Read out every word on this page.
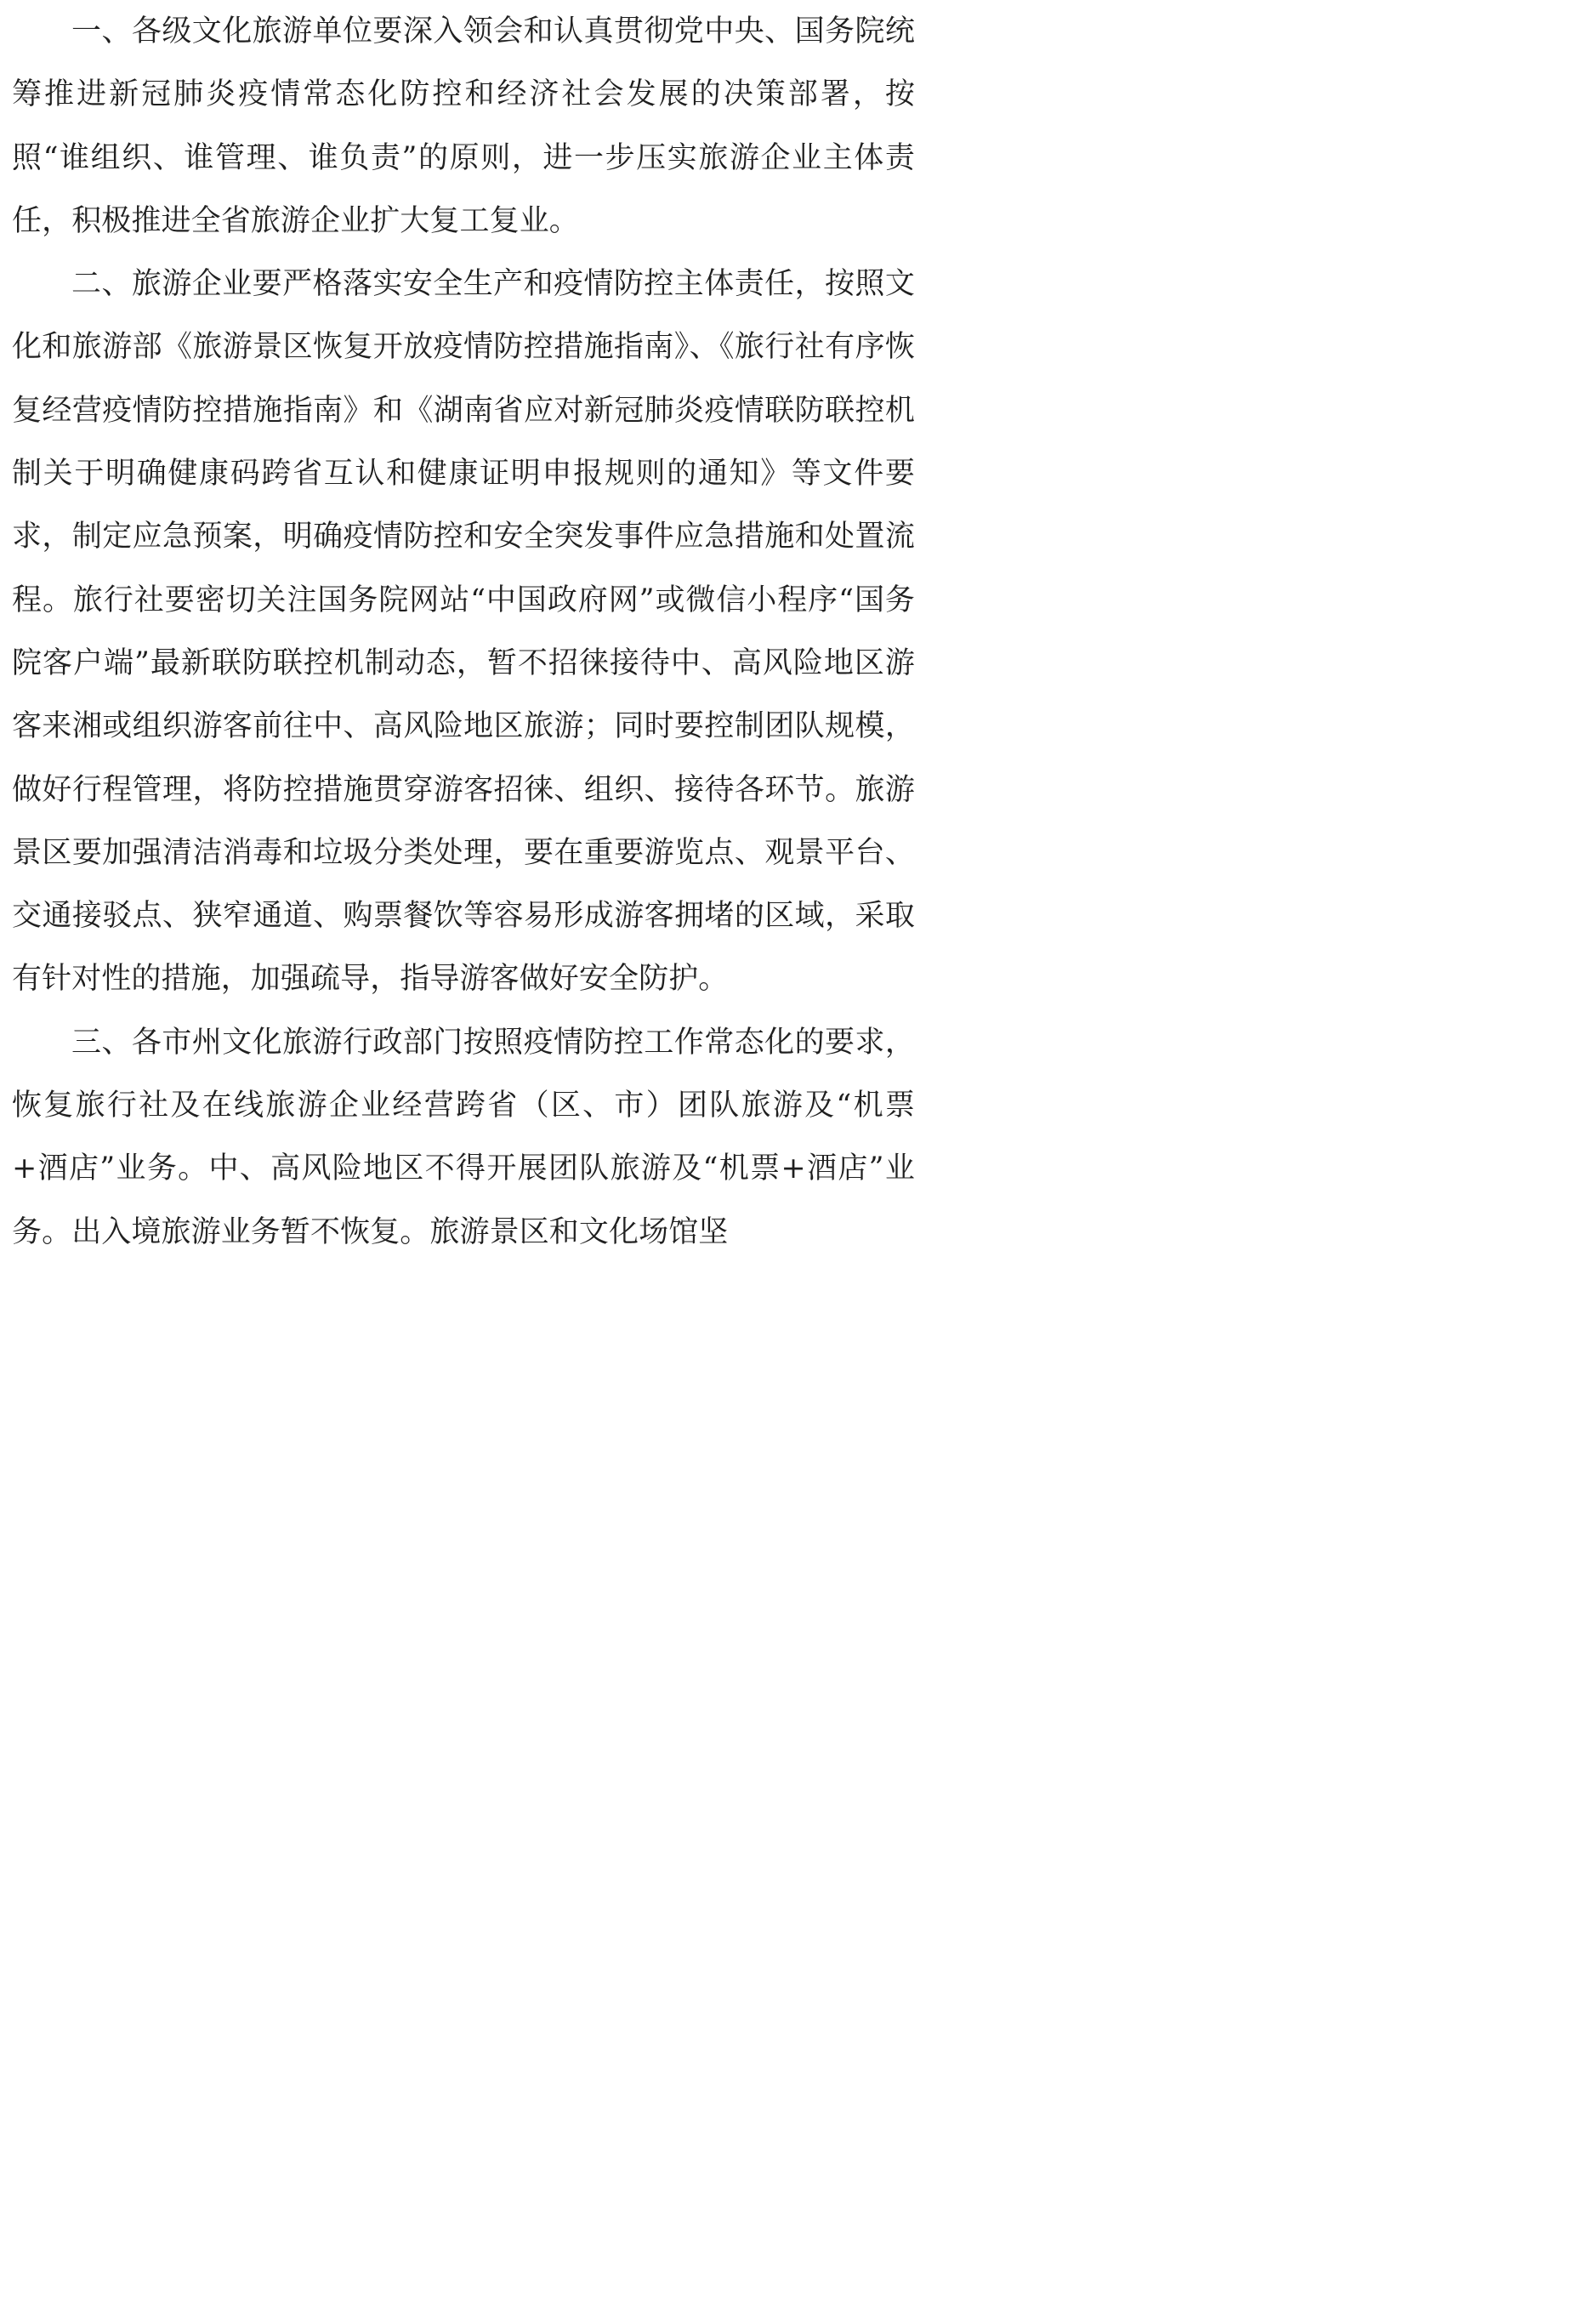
一、各级文化旅游单位要深入领会和认真贯彻党中央、国务院统筹推进新冠肺炎疫情常态化防控和经济社会发展的决策部署，按照“谁组织、谁管理、谁负责”的原则，进一步压实旅游企业主体责任，积极推进全省旅游企业扩大复工复业。

二、旅游企业要严格落实安全生产和疫情防控主体责任，按照文化和旅游部《旅游景区恢复开放疫情防控措施指南》、《旅行社有序恢复经营疫情防控措施指南》和《湖南省应对新冠肺炎疫情联防联控机制关于明确健康码跨省互认和健康证明申报规则的通知》等文件要求，制定应急预案，明确疫情防控和安全突发事件应急措施和处置流程。旅行社要密切关注国务院网站“中国政府网”或微信小程序“国务院客户端”最新联防联控机制动态，暂不招徕接待中、高风险地区游客来湘或组织游客前往中、高风险地区旅游；同时要控制团队规模，做好行程管理，将防控措施贯穿游客招徕、组织、接待各环节。旅游景区要加强清洁消毒和垃圾分类处理，要在重要游览点、观景平台、交通接驳点、狭窄通道、购票餐饮等容易形成游客拥堵的区域，采取有针对性的措施，加强疏导，指导游客做好安全防护。

三、各市州文化旅游行政部门按照疫情防控工作常态化的要求，恢复旅行社及在线旅游企业经营跨省（区、市）团队旅游及“机票+酒店”业务。中、高风险地区不得开展团队旅游及“机票+酒店”业务。出入境旅游业务暂不恢复。旅游景区和文化场馆坚
